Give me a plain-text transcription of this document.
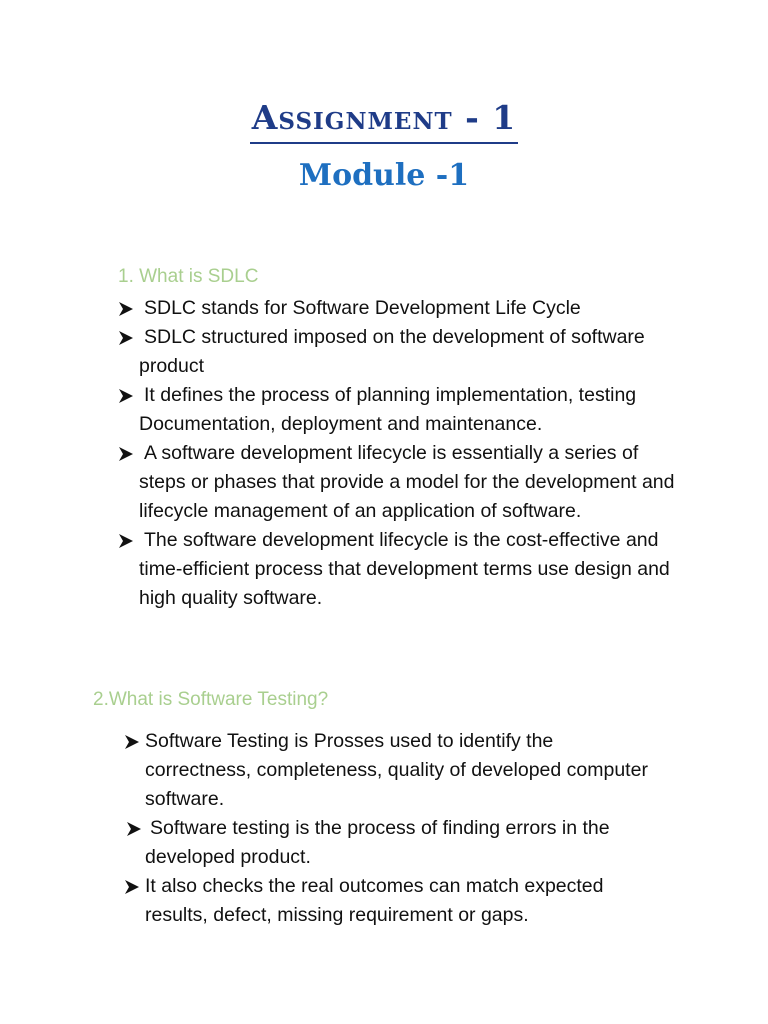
Assignment - 1
Module -1
1. What is SDLC
SDLC stands for Software Development Life Cycle
SDLC structured imposed on the development of software product
It defines the process of planning implementation, testing Documentation, deployment and maintenance.
A software development lifecycle is essentially a series of steps or phases that provide a model for the development and lifecycle management of an application of software.
The software development lifecycle is the cost-effective and time-efficient process that development terms use design and high quality software.
2.What is Software Testing?
Software Testing is Prosses used to identify the correctness, completeness, quality of developed computer software.
Software testing is the process of finding errors in the developed product.
It also checks the real outcomes can match expected results, defect, missing requirement or gaps.
